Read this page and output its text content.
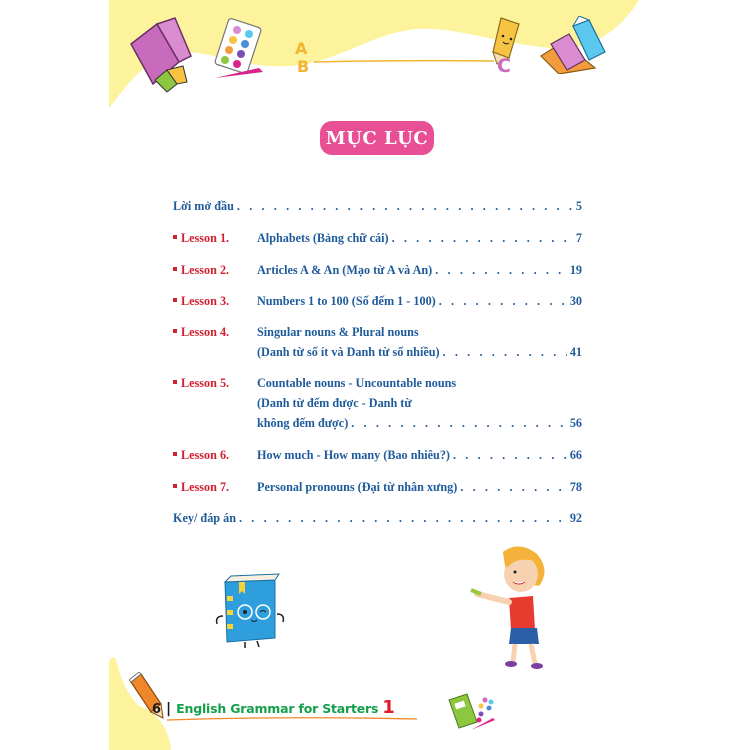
A
B	C
MỤC LỤC
Lời mở đầu . . .	5
Lesson 1. Alphabets (Bảng chữ cái) . . .	7
Lesson 2. Articles A & An (Mạo từ A và An) . . .	19
Lesson 3. Numbers 1 to 100 (Số đếm 1 - 100) . . .	30
Lesson 4. Singular nouns & Plural nouns
(Danh từ số ít và Danh từ số nhiều) . . .	41
Lesson 5. Countable nouns - Uncountable nouns
(Danh từ đếm được - Danh từ
không đếm được) . . .	56
Lesson 6. How much - How many (Bao nhiêu?) . . .	66
Lesson 7. Personal pronouns (Đại từ nhân xưng) . . .	78
Key/ đáp án . . .	92
6 | English Grammar for Starters 1
